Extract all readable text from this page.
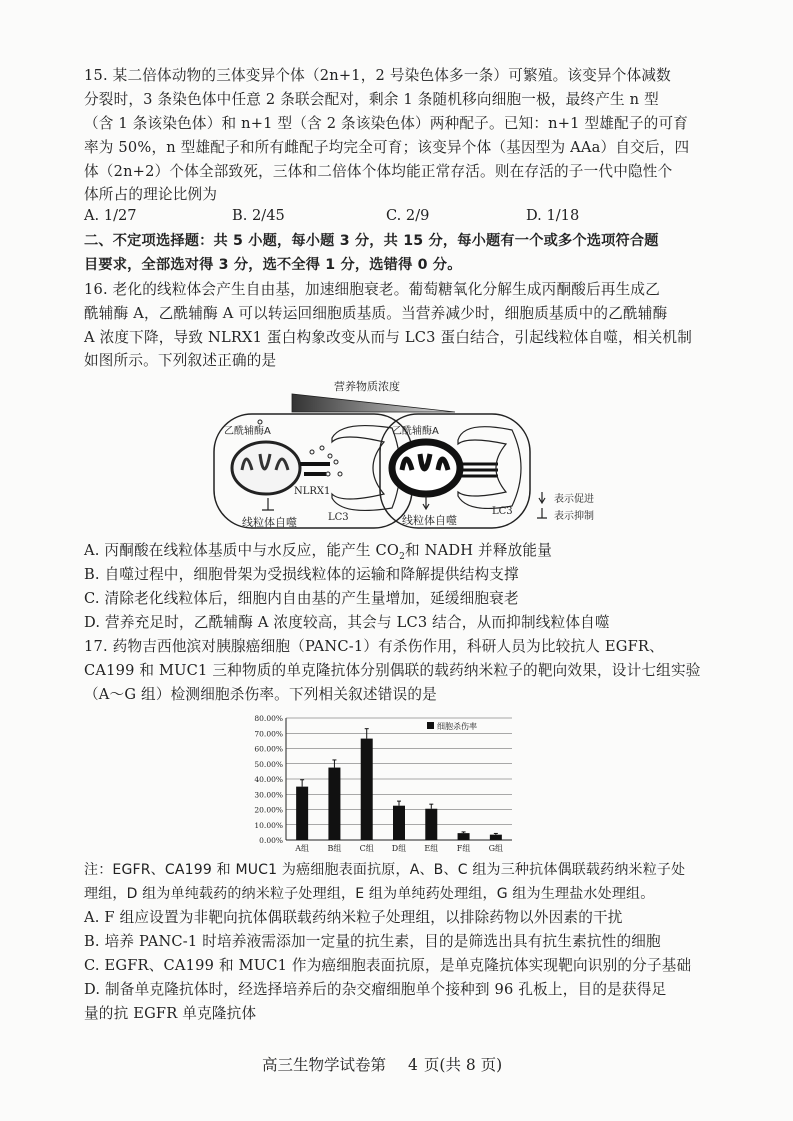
15. 某二倍体动物的三体变异个体（2n+1，2 号染色体多一条）可繁殖。该变异个体减数
分裂时，3 条染色体中任意 2 条联会配对，剩余 1 条随机移向细胞一极，最终产生 n 型
（含 1 条该染色体）和 n+1 型（含 2 条该染色体）两种配子。已知：n+1 型雄配子的可育
率为 50%，n 型雄配子和所有雌配子均完全可育；该变异个体（基因型为 AAa）自交后，四
体（2n+2）个体全部致死，三体和二倍体个体均能正常存活。则在存活的子一代中隐性个
体所占的理论比例为
A. 1/27	B. 2/45	C. 2/9	D. 1/18
二、不定项选择题：共 5 小题，每小题 3 分，共 15 分，每小题有一个或多个选项符合题
目要求，全部选对得 3 分，选不全得 1 分，选错得 0 分。
16. 老化的线粒体会产生自由基，加速细胞衰老。葡萄糖氧化分解生成丙酮酸后再生成乙
酰辅酶 A，乙酰辅酶 A 可以转运回细胞质基质。当营养减少时，细胞质基质中的乙酰辅酶
A 浓度下降，导致 NLRX1 蛋白构象改变从而与 LC3 蛋白结合，引起线粒体自噬，相关机制
如图所示。下列叙述正确的是
营养物质浓度
乙酰辅酶A
NLRX1
LC3
线粒体自噬
乙酰辅酶A
LC3
线粒体自噬
表示促进
表示抑制
A. 丙酮酸在线粒体基质中与水反应，能产生 $CO_2$和 NADH 并释放能量
B. 自噬过程中，细胞骨架为受损线粒体的运输和降解提供结构支撑
C. 清除老化线粒体后，细胞内自由基的产生量增加，延缓细胞衰老
D. 营养充足时，乙酰辅酶 A 浓度较高，其会与 LC3 结合，从而抑制线粒体自噬
17. 药物吉西他滨对胰腺癌细胞（PANC-1）有杀伤作用，科研人员为比较抗人 EGFR、
CA199 和 MUC1 三种物质的单克隆抗体分别偶联的载药纳米粒子的靶向效果，设计七组实验
（A～G 组）检测细胞杀伤率。下列相关叙述错误的是
0.00%
10.00%
20.00%
30.00%
40.00%
50.00%
60.00%
70.00%
80.00%
A组 B组 C组 D组 E组 F组 G组
细胞杀伤率
注：EGFR、CA199 和 MUC1 为癌细胞表面抗原，A、B、C 组为三种抗体偶联载药纳米粒子处
理组，D 组为单纯载药的纳米粒子处理组，E 组为单纯药处理组，G 组为生理盐水处理组。
A. F 组应设置为非靶向抗体偶联载药纳米粒子处理组，以排除药物以外因素的干扰
B. 培养 PANC-1 时培养液需添加一定量的抗生素，目的是筛选出具有抗生素抗性的细胞
C. EGFR、CA199 和 MUC1 作为癌细胞表面抗原，是单克隆抗体实现靶向识别的分子基础
D. 制备单克隆抗体时，经选择培养后的杂交瘤细胞单个接种到 96 孔板上，目的是获得足
量的抗 EGFR 单克隆抗体
高三生物学试卷第 4 页(共 8 页)
